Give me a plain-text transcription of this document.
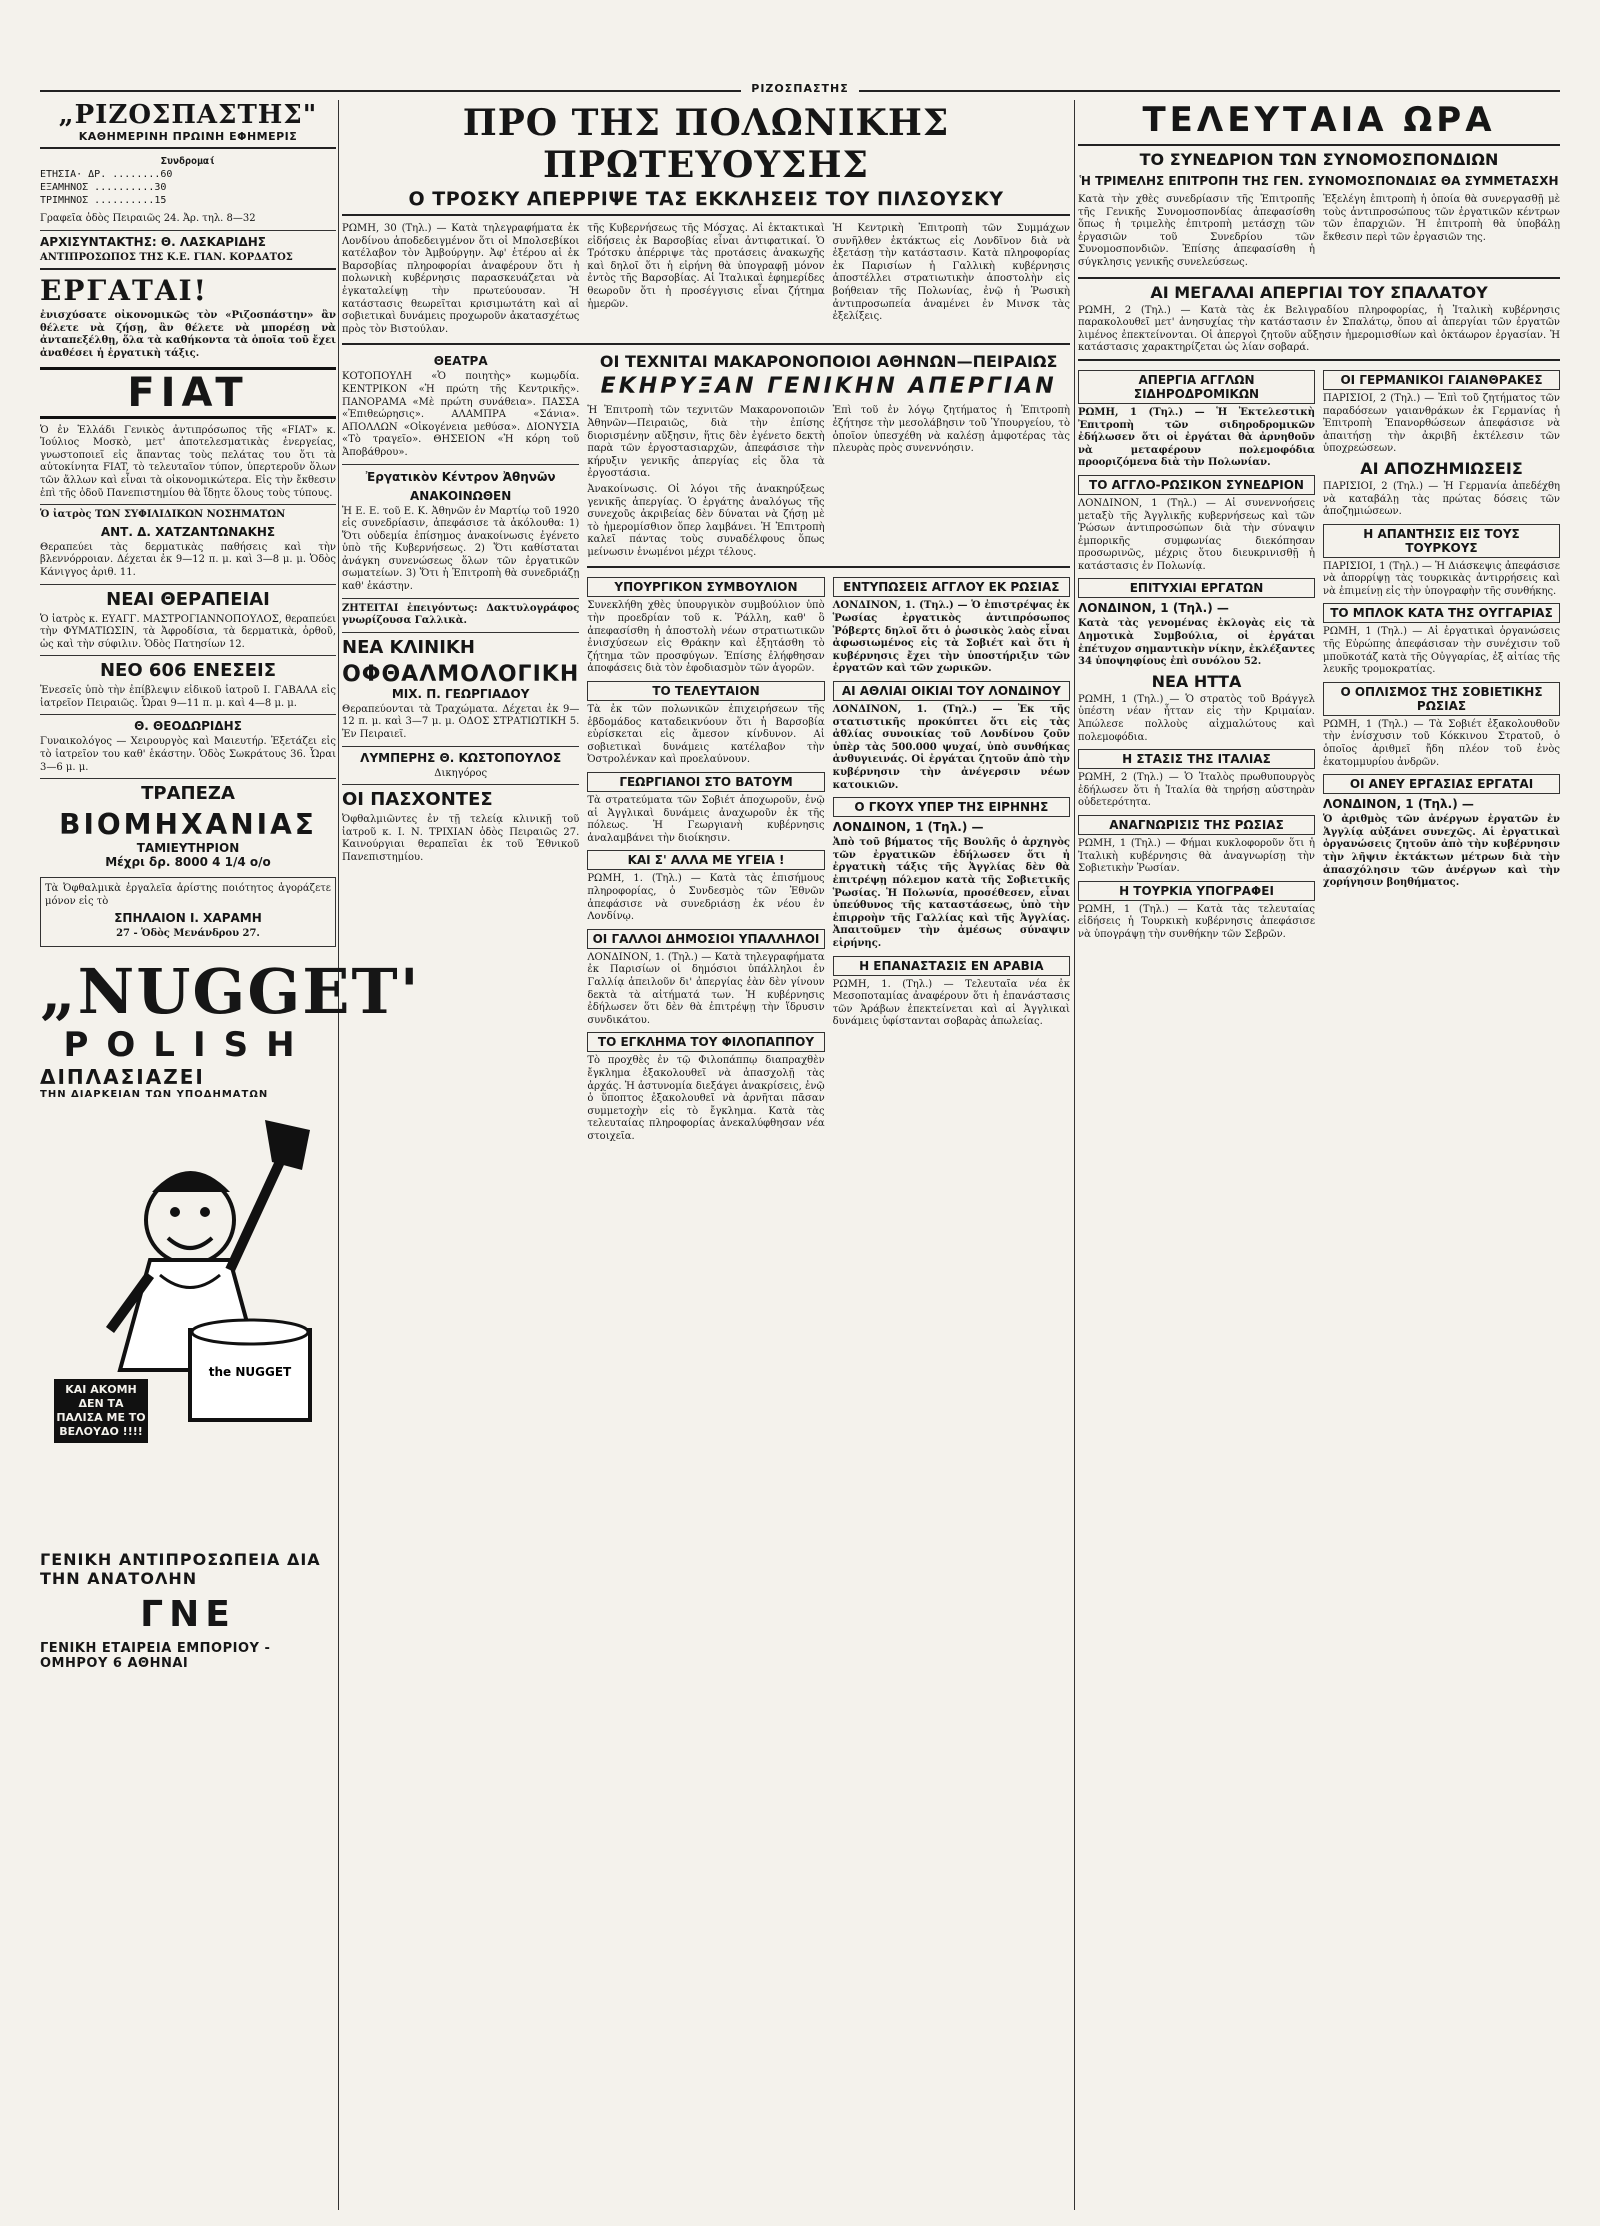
ΡΙΖΟΣΠΑΣΤΗΣ
„ΡΙΖΟΣΠΑΣΤΗΣ"
ΚΑΘΗΜΕΡΙΝΗ ΠΡΩΙΝΗ ΕΦΗΜΕΡΙΣ
Συνδρομαί
ΕΤΗΣΙΑ· ΔΡ. ........60
ΕΞΑΜΗΝΟΣ ..........30
ΤΡΙΜΗΝΟΣ ..........15
Γραφεῖα ὁδὸς Πειραιῶς 24. Ἀρ. τηλ. 8—32
ΑΡΧΙΣΥΝΤΑΚΤΗΣ: Θ. ΛΑΣΚΑΡΙΔΗΣ
ΑΝΤΙΠΡΟΣΩΠΟΣ ΤΗΣ Κ.Ε. ΓΙΑΝ. ΚΟΡΔΑΤΟΣ
ΕΡΓΑΤΑΙ!
ἐνισχύσατε οἰκονομικῶς τὸν «Ριζοσπάστην» ἂν θέλετε νὰ ζήσῃ, ἂν θέλετε νὰ μπορέσῃ νὰ ἀνταπεξέλθῃ, ὅλα τὰ καθήκοντα τὰ ὁποῖα τοῦ ἔχει ἀναθέσει ἡ ἐργατικὴ τάξις.
FIAT
Ὁ ἐν Ἑλλάδι Γενικὸς ἀντιπρόσωπος τῆς «FIAT» κ. Ἰούλιος Μοσκὸ, μετ' ἀποτελεσματικὰς ἐνεργείας, γνωστοποιεῖ εἰς ἅπαντας τοὺς πελάτας του ὅτι τὰ αὐτοκίνητα FIAT, τὸ τελευταῖον τύπον, ὑπερτεροῦν ὅλων τῶν ἄλλων καὶ εἶναι τὰ οἰκονομικώτερα. Εἰς τὴν ἔκθεσιν ἐπὶ τῆς ὁδοῦ Πανεπιστημίου θὰ ἴδῃτε ὅλους τοὺς τύπους.
Ὁ ἰατρὸς ΤΩΝ ΣΥΦΙΛΙΔΙΚΩΝ ΝΟΣΗΜΑΤΩΝ
ΑΝΤ. Δ. ΧΑΤΖΑΝΤΩΝΑΚΗΣ
Θεραπεύει τὰς δερματικὰς παθήσεις καὶ τὴν βλεννόρροιαν. Δέχεται ἐκ 9—12 π. μ. καὶ 3—8 μ. μ. Ὁδὸς Κάνιγγος ἀριθ. 11.
ΝΕΑΙ ΘΕΡΑΠΕΙΑΙ
Ὁ ἰατρὸς κ. ΕΥΑΓΓ. ΜΑΣΤΡΟΓΙΑΝΝΟΠΟΥΛΟΣ, θεραπεύει τὴν ΦΥΜΑΤΙΩΣΙΝ, τὰ Ἀφροδίσια, τὰ δερματικὰ, ὀρθοῦ, ὡς καὶ τὴν σύφιλιν. Ὁδὸς Πατησίων 12.
ΝΕΟ 606 ΕΝΕΣΕΙΣ
Ἐνεσεῖς ὑπὸ τὴν ἐπίβλεψιν εἰδικοῦ ἰατροῦ Ι. ΓΑΒΑΛΑ εἰς ἰατρεῖον Πειραιῶς. Ὧραι 9—11 π. μ. καὶ 4—8 μ. μ.
Θ. ΘΕΟΔΩΡΙΔΗΣ
Γυναικολόγος — Χειρουργὸς καὶ Μαιευτήρ. Ἐξετάζει εἰς τὸ ἰατρεῖον του καθ' ἑκάστην. Ὁδὸς Σωκράτους 36. Ὧραι 3—6 μ. μ.
ΤΡΑΠΕΖΑ
ΒΙΟΜΗΧΑΝΙΑΣ
ΤΑΜΙΕΥΤΗΡΙΟΝ
Μέχρι δρ. 8000 4 1/4 ο/ο
Τὰ Ὀφθαλμικὰ ἐργαλεῖα ἀρίστης ποιότητος ἀγοράζετε μόνον εἰς τὸ
ΣΠΗΛΑΙΟΝ Ι. ΧΑΡΑΜΗ
27 - Ὁδὸς Μενάνδρου 27.
„NUGGET'
POLISH
ΔΙΠΛΑΣΙΑΖΕΙ
ΤΗΝ ΔΙΑΡΚΕΙΑΝ ΤΩΝ ΥΠΟΔΗΜΑΤΩΝ
the NUGGET
ΚΑΙ ΑΚΟΜΗ ΔΕΝ ΤΑ ΠΑΛΙΣΑ ΜΕ ΤΟ ΒΕΛΟΥΔΟ !!!!
ΓΕΝΙΚΗ ΑΝΤΙΠΡΟΣΩΠΕΙΑ ΔΙΑ ΤΗΝ ΑΝΑΤΟΛΗΝ
ΓΝΕ
ΓΕΝΙΚΗ ΕΤΑΙΡΕΙΑ ΕΜΠΟΡΙΟΥ - ΟΜΗΡΟΥ 6 ΑΘΗΝΑΙ
ΠΡΟ ΤΗΣ ΠΟΛΩΝΙΚΗΣ ΠΡΩΤΕΥΟΥΣΗΣ
Ο ΤΡΟΣΚΥ ΑΠΕΡΡΙΨΕ ΤΑΣ ΕΚΚΛΗΣΕΙΣ ΤΟΥ ΠΙΛΣΟΥΣΚΥ
ΡΩΜΗ, 30 (Τηλ.) — Κατὰ τηλεγραφήματα ἐκ Λονδίνου ἀποδεδειγμένον ὅτι οἱ Μπολσεβίκοι κατέλαβον τὸν Ἀμβούργην. Ἀφ' ἑτέρου αἱ ἐκ Βαρσοβίας πληροφορίαι ἀναφέρουν ὅτι ἡ πολωνικὴ κυβέρνησις παρασκευάζεται νὰ ἐγκαταλείψῃ τὴν πρωτεύουσαν. Ἡ κατάστασις θεωρεῖται κρισιμωτάτη καὶ αἱ σοβιετικαὶ δυνάμεις προχωροῦν ἀκατασχέτως πρὸς τὸν Βιστούλαν.
τῆς Κυβερνήσεως τῆς Μόσχας. Αἱ ἐκτακτικαὶ εἰδήσεις ἐκ Βαρσοβίας εἶναι ἀντιφατικαί. Ὁ Τρότσκυ ἀπέρριψε τὰς προτάσεις ἀνακωχῆς καὶ δηλοῖ ὅτι ἡ εἰρήνη θὰ ὑπογραφῇ μόνον ἐντὸς τῆς Βαρσοβίας. Αἱ Ἰταλικαὶ ἐφημερίδες θεωροῦν ὅτι ἡ προσέγγισις εἶναι ζήτημα ἡμερῶν.
Ἡ Κεντρικὴ Ἐπιτροπὴ τῶν Συμμάχων συνῆλθεν ἐκτάκτως εἰς Λονδῖνον διὰ νὰ ἐξετάσῃ τὴν κατάστασιν. Κατὰ πληροφορίας ἐκ Παρισίων ἡ Γαλλικὴ κυβέρνησις ἀποστέλλει στρατιωτικὴν ἀποστολὴν εἰς βοήθειαν τῆς Πολωνίας, ἐνῷ ἡ Ῥωσικὴ ἀντιπροσωπεία ἀναμένει ἐν Μινσκ τὰς ἐξελίξεις.
ΘΕΑΤΡΑ
ΚΟΤΟΠΟΥΛΗ «Ὁ ποιητὴς» κωμῳδία. ΚΕΝΤΡΙΚΟΝ «Ἡ πρώτη τῆς Κεντρικῆς». ΠΑΝΟΡΑΜΑ «Μὲ πρώτη συνάθεια». ΠΑΣΣΑ «Ἐπιθεώρησις». ΑΛΑΜΠΡΑ «Σάνια». ΑΠΟΛΛΩΝ «Οἰκογένεια μεθύσα». ΔΙΟΝΥΣΙΑ «Τὸ τραγεῖο». ΘΗΣΕΙΟΝ «Ἡ κόρη τοῦ Ἀποβάθρου».
Ἐργατικὸν Κέντρον Ἀθηνῶν
ΑΝΑΚΟΙΝΩΘΕΝ
Ἡ Ε. Ε. τοῦ Ε. Κ. Ἀθηνῶν ἐν Μαρτίῳ τοῦ 1920 εἰς συνεδρίασιν, ἀπεφάσισε τὰ ἀκόλουθα: 1) Ὅτι οὐδεμία ἐπίσημος ἀνακοίνωσις ἐγένετο ὑπὸ τῆς Κυβερνήσεως. 2) Ὅτι καθίσταται ἀνάγκη συνενώσεως ὅλων τῶν ἐργατικῶν σωματείων. 3) Ὅτι ἡ Ἐπιτροπὴ θὰ συνεδριάζῃ καθ' ἑκάστην.
ΖΗΤΕΙΤΑΙ ἐπειγόντως: Δακτυλογράφος γνωρίζουσα Γαλλικὰ.
ΝΕΑ ΚΛΙΝΙΚΗ
ΟΦΘΑΛΜΟΛΟΓΙΚΗ
ΜΙΧ. Π. ΓΕΩΡΓΙΑΔΟΥ
Θεραπεύονται τὰ Τραχώματα. Δέχεται ἐκ 9—12 π. μ. καὶ 3—7 μ. μ. ΟΔΟΣ ΣΤΡΑΤΙΩΤΙΚΗ 5. Ἐν Πειραιεῖ.
ΛΥΜΠΕΡΗΣ Θ. ΚΩΣΤΟΠΟΥΛΟΣ
Δικηγόρος
ΟΙ ΠΑΣΧΟΝΤΕΣ
Ὀφθαλμιῶντες ἐν τῇ τελείᾳ κλινικῇ τοῦ ἰατροῦ κ. Ι. Ν. ΤΡΙΧΙΑΝ ὁδὸς Πειραιῶς 27. Καινούργιαι θεραπεῖαι ἐκ τοῦ Ἐθνικοῦ Πανεπιστημίου.
ΟΙ ΤΕΧΝΙΤΑΙ ΜΑΚΑΡΟΝΟΠΟΙΟΙ ΑΘΗΝΩΝ—ΠΕΙΡΑΙΩΣ
ΕΚΗΡΥΞΑΝ ΓΕΝΙΚΗΝ ΑΠΕΡΓΙΑΝ
Ἡ Ἐπιτροπὴ τῶν τεχνιτῶν Μακαρονοποιῶν Ἀθηνῶν—Πειραιῶς, διὰ τὴν ἐπίσης διορισμένην αὔξησιν, ἥτις δὲν ἐγένετο δεκτὴ παρὰ τῶν ἐργοστασιαρχῶν, ἀπεφάσισε τὴν κήρυξιν γενικῆς ἀπεργίας εἰς ὅλα τὰ ἐργοστάσια.
Ἀνακοίνωσις. Οἱ λόγοι τῆς ἀνακηρύξεως γενικῆς ἀπεργίας. Ὁ ἐργάτης ἀναλόγως τῆς συνεχοῦς ἀκριβείας δὲν δύναται νὰ ζήσῃ μὲ τὸ ἡμερομίσθιον ὅπερ λαμβάνει. Ἡ Ἐπιτροπὴ καλεῖ πάντας τοὺς συναδέλφους ὅπως μείνωσιν ἑνωμένοι μέχρι τέλους.
Ἐπὶ τοῦ ἐν λόγῳ ζητήματος ἡ Ἐπιτροπὴ ἐζήτησε τὴν μεσολάβησιν τοῦ Ὑπουργείου, τὸ ὁποῖον ὑπεσχέθη νὰ καλέσῃ ἀμφοτέρας τὰς πλευρὰς πρὸς συνεννόησιν.
ΥΠΟΥΡΓΙΚΟΝ ΣΥΜΒΟΥΛΙΟΝ
Συνεκλήθη χθὲς ὑπουργικὸν συμβούλιον ὑπὸ τὴν προεδρίαν τοῦ κ. Ῥάλλη, καθ' ὃ ἀπεφασίσθη ἡ ἀποστολὴ νέων στρατιωτικῶν ἐνισχύσεων εἰς Θράκην καὶ ἐξητάσθη τὸ ζήτημα τῶν προσφύγων. Ἐπίσης ἐλήφθησαν ἀποφάσεις διὰ τὸν ἐφοδιασμὸν τῶν ἀγορῶν.
ΤΟ ΤΕΛΕΥΤΑΙΟΝ
Τὰ ἐκ τῶν πολωνικῶν ἐπιχειρήσεων τῆς ἑβδομάδος καταδεικνύουν ὅτι ἡ Βαρσοβία εὑρίσκεται εἰς ἄμεσον κίνδυνον. Αἱ σοβιετικαὶ δυνάμεις κατέλαβον τὴν Ὀστρολένκαν καὶ προελαύνουν.
ΓΕΩΡΓΙΑΝΟΙ ΣΤΟ ΒΑΤΟΥΜ
Τὰ στρατεύματα τῶν Σοβιέτ ἀποχωροῦν, ἐνῷ αἱ Ἀγγλικαὶ δυνάμεις ἀναχωροῦν ἐκ τῆς πόλεως. Ἡ Γεωργιανὴ κυβέρνησις ἀναλαμβάνει τὴν διοίκησιν.
ΚΑΙ Σ' ΑΛΛΑ ΜΕ ΥΓΕΙΑ !
ΡΩΜΗ, 1. (Τηλ.) — Κατὰ τὰς ἐπισήμους πληροφορίας, ὁ Συνδεσμὸς τῶν Ἐθνῶν ἀπεφάσισε νὰ συνεδριάσῃ ἐκ νέου ἐν Λονδίνῳ.
ΟΙ ΓΑΛΛΟΙ ΔΗΜΟΣΙΟΙ ΥΠΑΛΛΗΛΟΙ
ΛΟΝΔΙΝΟΝ, 1. (Τηλ.) — Κατὰ τηλεγραφήματα ἐκ Παρισίων οἱ δημόσιοι ὑπάλληλοι ἐν Γαλλίᾳ ἀπειλοῦν δι' ἀπεργίας ἐὰν δὲν γίνουν δεκτὰ τὰ αἰτήματά των. Ἡ κυβέρνησις ἐδήλωσεν ὅτι δὲν θὰ ἐπιτρέψῃ τὴν ἵδρυσιν συνδικάτου.
ΤΟ ΕΓΚΛΗΜΑ ΤΟΥ ΦΙΛΟΠΑΠΠΟΥ
Τὸ προχθὲς ἐν τῷ Φιλοπάππῳ διαπραχθὲν ἔγκλημα ἐξακολουθεῖ νὰ ἀπασχολῇ τὰς ἀρχάς. Ἡ ἀστυνομία διεξάγει ἀνακρίσεις, ἐνῷ ὁ ὕποπτος ἐξακολουθεῖ νὰ ἀρνῆται πᾶσαν συμμετοχὴν εἰς τὸ ἔγκλημα. Κατὰ τὰς τελευταίας πληροφορίας ἀνεκαλύφθησαν νέα στοιχεῖα.
ΕΝΤΥΠΩΣΕΙΣ ΑΓΓΛΟΥ ΕΚ ΡΩΣΙΑΣ
ΛΟΝΔΙΝΟΝ, 1. (Τηλ.) — Ὁ ἐπιστρέψας ἐκ Ῥωσίας ἐργατικὸς ἀντιπρόσωπος Ῥόβερτς δηλοῖ ὅτι ὁ ῥωσικὸς λαὸς εἶναι ἀφωσιωμένος εἰς τὰ Σοβιέτ καὶ ὅτι ἡ κυβέρνησις ἔχει τὴν ὑποστήριξιν τῶν ἐργατῶν καὶ τῶν χωρικῶν.
ΑΙ ΑΘΛΙΑΙ ΟΙΚΙΑΙ ΤΟΥ ΛΟΝΔΙΝΟΥ
ΛΟΝΔΙΝΟΝ, 1. (Τηλ.) — Ἐκ τῆς στατιστικῆς προκύπτει ὅτι εἰς τὰς ἀθλίας συνοικίας τοῦ Λονδίνου ζοῦν ὑπὲρ τὰς 500.000 ψυχαί, ὑπὸ συνθήκας ἀνθυγιεινάς. Οἱ ἐργάται ζητοῦν ἀπὸ τὴν κυβέρνησιν τὴν ἀνέγερσιν νέων κατοικιῶν.
Ο ΓΚΟΥΧ ΥΠΕΡ ΤΗΣ ΕΙΡΗΝΗΣ
ΛΟΝΔΙΝΟΝ, 1 (Τηλ.) —
Ἀπὸ τοῦ βήματος τῆς Βουλῆς ὁ ἀρχηγὸς τῶν ἐργατικῶν ἐδήλωσεν ὅτι ἡ ἐργατικὴ τάξις τῆς Ἀγγλίας δὲν θὰ ἐπιτρέψῃ πόλεμον κατὰ τῆς Σοβιετικῆς Ῥωσίας. Ἡ Πολωνία, προσέθεσεν, εἶναι ὑπεύθυνος τῆς καταστάσεως, ὑπὸ τὴν ἐπιρροὴν τῆς Γαλλίας καὶ τῆς Ἀγγλίας. Ἀπαιτοῦμεν τὴν ἀμέσως σύναψιν εἰρήνης.
Η ΕΠΑΝΑΣΤΑΣΙΣ ΕΝ ΑΡΑΒΙΑ
ΡΩΜΗ, 1. (Τηλ.) — Τελευταῖα νέα ἐκ Μεσοποταμίας ἀναφέρουν ὅτι ἡ ἐπανάστασις τῶν Ἀράβων ἐπεκτείνεται καὶ αἱ Ἀγγλικαὶ δυνάμεις ὑφίστανται σοβαρὰς ἀπωλείας.
ΤΕΛΕΥΤΑΙΑ ΩΡΑ
ΤΟ ΣΥΝΕΔΡΙΟΝ ΤΩΝ ΣΥΝΟΜΟΣΠΟΝΔΙΩΝ
Ἡ ΤΡΙΜΕΛΗΣ ΕΠΙΤΡΟΠΗ ΤΗΣ ΓΕΝ. ΣΥΝΟΜΟΣΠΟΝΔΙΑΣ ΘΑ ΣΥΜΜΕΤΑΣΧΗ
Κατὰ τὴν χθὲς συνεδρίασιν τῆς Ἐπιτροπῆς τῆς Γενικῆς Συνομοσπονδίας ἀπεφασίσθη ὅπως ἡ τριμελὴς ἐπιτροπὴ μετάσχῃ τῶν ἐργασιῶν τοῦ Συνεδρίου τῶν Συνομοσπονδιῶν. Ἐπίσης ἀπεφασίσθη ἡ σύγκλησις γενικῆς συνελεύσεως.
Ἐξελέγη ἐπιτροπὴ ἡ ὁποία θὰ συνεργασθῇ μὲ τοὺς ἀντιπροσώπους τῶν ἐργατικῶν κέντρων τῶν ἐπαρχιῶν. Ἡ ἐπιτροπὴ θὰ ὑποβάλῃ ἔκθεσιν περὶ τῶν ἐργασιῶν της.
ΑΙ ΜΕΓΑΛΑΙ ΑΠΕΡΓΙΑΙ ΤΟΥ ΣΠΑΛΑΤΟΥ
ΡΩΜΗ, 2 (Τηλ.) — Κατὰ τὰς ἐκ Βελιγραδίου πληροφορίας, ἡ Ἰταλικὴ κυβέρνησις παρακολουθεῖ μετ' ἀνησυχίας τὴν κατάστασιν ἐν Σπαλάτῳ, ὅπου αἱ ἀπεργίαι τῶν ἐργατῶν λιμένος ἐπεκτείνονται. Οἱ ἀπεργοὶ ζητοῦν αὔξησιν ἡμερομισθίων καὶ ὀκτάωρον ἐργασίαν. Ἡ κατάστασις χαρακτηρίζεται ὡς λίαν σοβαρά.
ΑΠΕΡΓΙΑ ΑΓΓΛΩΝ ΣΙΔΗΡΟΔΡΟΜΙΚΩΝ
ΡΩΜΗ, 1 (Τηλ.) — Ἡ Ἐκτελεστικὴ Ἐπιτροπὴ τῶν σιδηροδρομικῶν ἐδήλωσεν ὅτι οἱ ἐργάται θὰ ἀρνηθοῦν νὰ μεταφέρουν πολεμοφόδια προοριζόμενα διὰ τὴν Πολωνίαν.
ΤΟ ΑΓΓΛΟ-ΡΩΣΙΚΟΝ ΣΥΝΕΔΡΙΟΝ
ΛΟΝΔΙΝΟΝ, 1 (Τηλ.) — Αἱ συνεννοήσεις μεταξὺ τῆς Ἀγγλικῆς κυβερνήσεως καὶ τῶν Ῥώσων ἀντιπροσώπων διὰ τὴν σύναψιν ἐμπορικῆς συμφωνίας διεκόπησαν προσωρινῶς, μέχρις ὅτου διευκρινισθῇ ἡ κατάστασις ἐν Πολωνίᾳ.
ΕΠΙΤΥΧΙΑΙ ΕΡΓΑΤΩΝ
ΛΟΝΔΙΝΟΝ, 1 (Τηλ.) —
Κατὰ τὰς γενομένας ἐκλογὰς εἰς τὰ Δημοτικὰ Συμβούλια, οἱ ἐργάται ἐπέτυχον σημαντικὴν νίκην, ἐκλέξαντες 34 ὑποψηφίους ἐπὶ συνόλου 52.
ΝΕΑ ΗΤΤΑ
ΡΩΜΗ, 1 (Τηλ.) — Ὁ στρατὸς τοῦ Βράγγελ ὑπέστη νέαν ἧτταν εἰς τὴν Κριμαίαν. Ἀπώλεσε πολλοὺς αἰχμαλώτους καὶ πολεμοφόδια.
Η ΣΤΑΣΙΣ ΤΗΣ ΙΤΑΛΙΑΣ
ΡΩΜΗ, 2 (Τηλ.) — Ὁ Ἰταλὸς πρωθυπουργὸς ἐδήλωσεν ὅτι ἡ Ἰταλία θὰ τηρήσῃ αὐστηρὰν οὐδετερότητα.
ΑΝΑΓΝΩΡΙΣΙΣ ΤΗΣ ΡΩΣΙΑΣ
ΡΩΜΗ, 1 (Τηλ.) — Φήμαι κυκλοφοροῦν ὅτι ἡ Ἰταλικὴ κυβέρνησις θὰ ἀναγνωρίσῃ τὴν Σοβιετικὴν Ῥωσίαν.
Η ΤΟΥΡΚΙΑ ΥΠΟΓΡΑΦΕΙ
ΡΩΜΗ, 1 (Τηλ.) — Κατὰ τὰς τελευταίας εἰδήσεις ἡ Τουρκικὴ κυβέρνησις ἀπεφάσισε νὰ ὑπογράψῃ τὴν συνθήκην τῶν Σεβρῶν.
ΟΙ ΓΕΡΜΑΝΙΚΟΙ ΓΑΙΑΝΘΡΑΚΕΣ
ΠΑΡΙΣΙΟΙ, 2 (Τηλ.) — Ἐπὶ τοῦ ζητήματος τῶν παραδόσεων γαιανθράκων ἐκ Γερμανίας ἡ Ἐπιτροπὴ Ἐπανορθώσεων ἀπεφάσισε νὰ ἀπαιτήσῃ τὴν ἀκριβῆ ἐκτέλεσιν τῶν ὑποχρεώσεων.
ΑΙ ΑΠΟΖΗΜΙΩΣΕΙΣ
ΠΑΡΙΣΙΟΙ, 2 (Τηλ.) — Ἡ Γερμανία ἀπεδέχθη νὰ καταβάλῃ τὰς πρώτας δόσεις τῶν ἀποζημιώσεων.
Η ΑΠΑΝΤΗΣΙΣ ΕΙΣ ΤΟΥΣ ΤΟΥΡΚΟΥΣ
ΠΑΡΙΣΙΟΙ, 1 (Τηλ.) — Ἡ Διάσκεψις ἀπεφάσισε νὰ ἀπορρίψῃ τὰς τουρκικὰς ἀντιρρήσεις καὶ νὰ ἐπιμείνῃ εἰς τὴν ὑπογραφὴν τῆς συνθήκης.
ΤΟ ΜΠΛΟΚ ΚΑΤΑ ΤΗΣ ΟΥΓΓΑΡΙΑΣ
ΡΩΜΗ, 1 (Τηλ.) — Αἱ ἐργατικαὶ ὀργανώσεις τῆς Εὐρώπης ἀπεφάσισαν τὴν συνέχισιν τοῦ μποϋκοτάζ κατὰ τῆς Οὐγγαρίας, ἐξ αἰτίας τῆς λευκῆς τρομοκρατίας.
Ο ΟΠΛΙΣΜΟΣ ΤΗΣ ΣΟΒΙΕΤΙΚΗΣ ΡΩΣΙΑΣ
ΡΩΜΗ, 1 (Τηλ.) — Τὰ Σοβιέτ ἐξακολουθοῦν τὴν ἐνίσχυσιν τοῦ Κόκκινου Στρατοῦ, ὁ ὁποῖος ἀριθμεῖ ἤδη πλέον τοῦ ἑνὸς ἑκατομμυρίου ἀνδρῶν.
ΟΙ ΑΝΕΥ ΕΡΓΑΣΙΑΣ ΕΡΓΑΤΑΙ
ΛΟΝΔΙΝΟΝ, 1 (Τηλ.) —
Ὁ ἀριθμὸς τῶν ἀνέργων ἐργατῶν ἐν Ἀγγλίᾳ αὐξάνει συνεχῶς. Αἱ ἐργατικαὶ ὀργανώσεις ζητοῦν ἀπὸ τὴν κυβέρνησιν τὴν λῆψιν ἐκτάκτων μέτρων διὰ τὴν ἀπασχόλησιν τῶν ἀνέργων καὶ τὴν χορήγησιν βοηθήματος.
